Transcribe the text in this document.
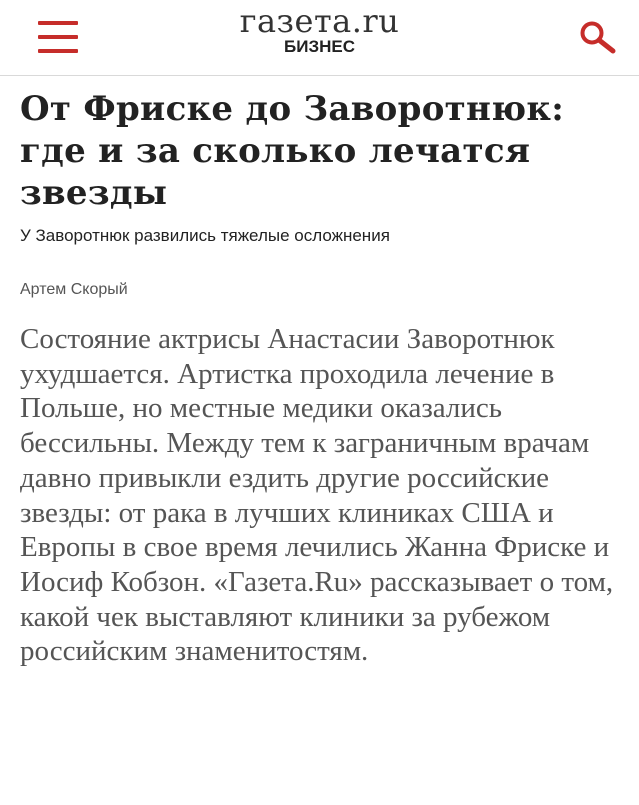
газета.ru
БИЗНЕС
От Фриске до Заворотнюк: где и за сколько лечатся звезды
У Заворотнюк развились тяжелые осложнения
Артем Скорый
Состояние актрисы Анастасии Заворотнюк ухудшается. Артистка проходила лечение в Польше, но местные медики оказались бессильны. Между тем к заграничным врачам давно привыкли ездить другие российские звезды: от рака в лучших клиниках США и Европы в свое время лечились Жанна Фриске и Иосиф Кобзон. «Газета.Ru» рассказывает о том, какой чек выставляют клиники за рубежом российским знаменитостям.
